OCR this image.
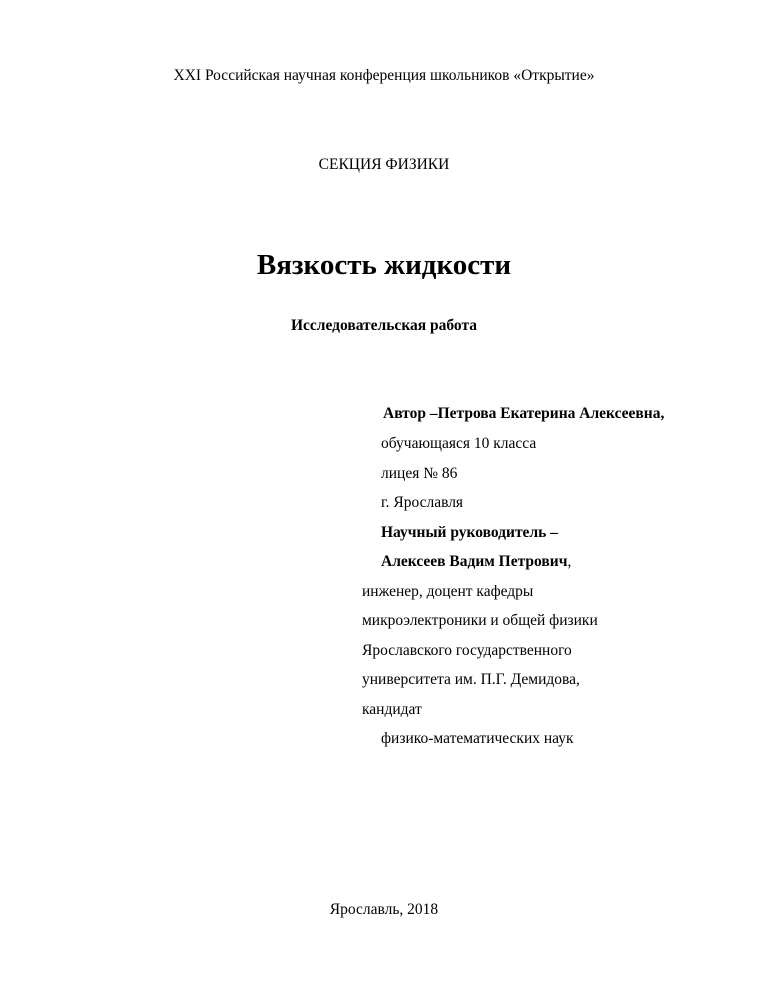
XXI Российская научная конференция школьников «Открытие»
СЕКЦИЯ ФИЗИКИ
Вязкость жидкости
Исследовательская работа
Автор –Петрова Екатерина Алексеевна,
обучающаяся 10 класса
лицея № 86
г. Ярославля
Научный руководитель –
Алексеев Вадим Петрович,
инженер, доцент кафедры
микроэлектроники и общей физики
Ярославского государственного
университета им. П.Г. Демидова,
кандидат
физико-математических наук
Ярославль, 2018
